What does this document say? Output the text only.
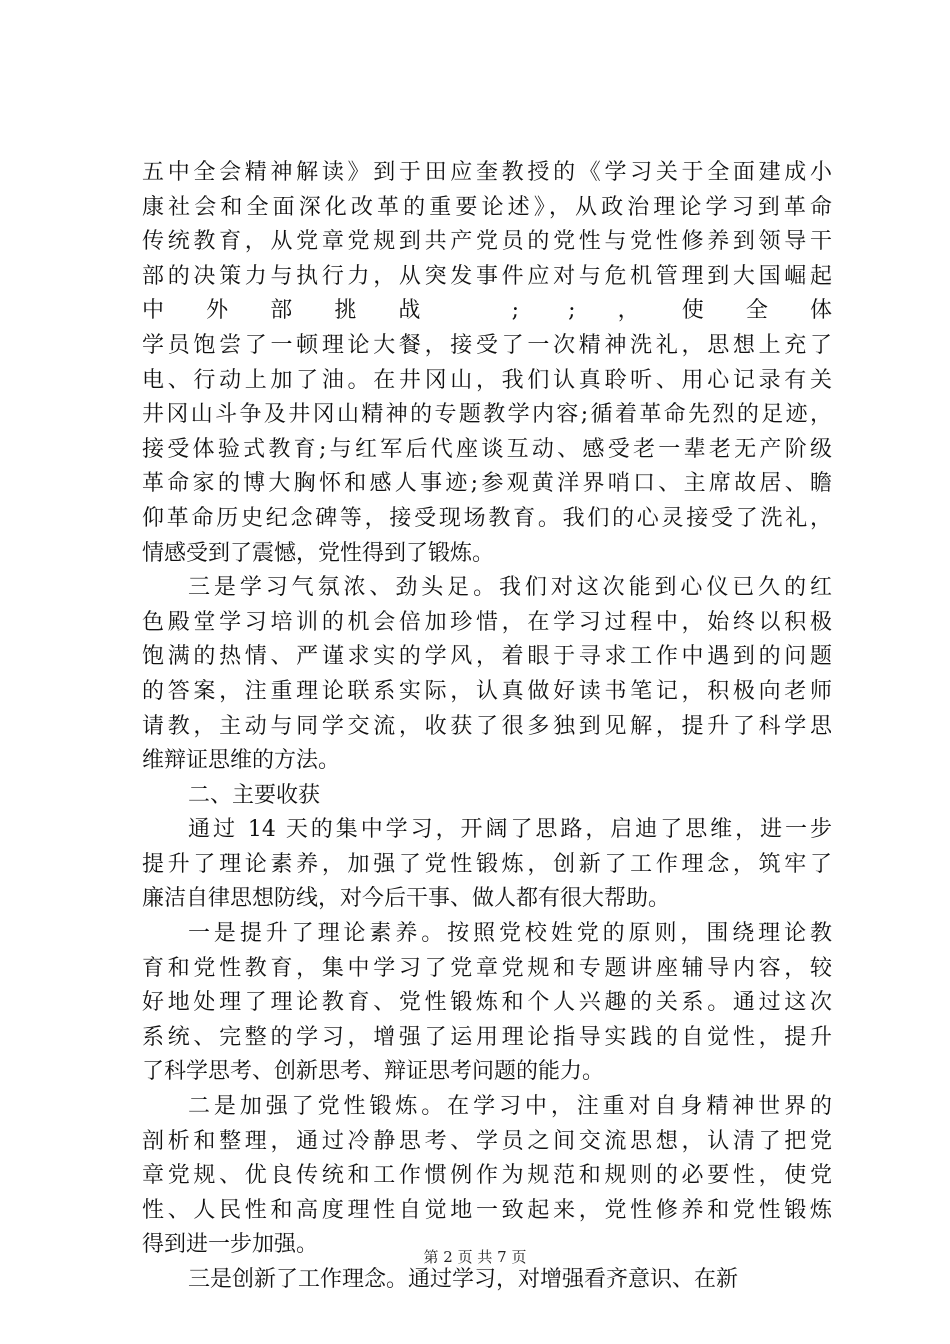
五中全会精神解读》到于田应奎教授的《学习关于全面建成小
康社会和全面深化改革的重要论述》，从政治理论学习到革命
传统教育，从党章党规到共产党员的党性与党性修养到领导干
部的决策力与执行力，从突发事件应对与危机管理到大国崛起
中外部挑战 ; ;，使全体
学员饱尝了一顿理论大餐，接受了一次精神洗礼，思想上充了
电、行动上加了油。在井冈山，我们认真聆听、用心记录有关
井冈山斗争及井冈山精神的专题教学内容;循着革命先烈的足迹，
接受体验式教育;与红军后代座谈互动、感受老一辈老无产阶级
革命家的博大胸怀和感人事迹;参观黄洋界哨口、主席故居、瞻
仰革命历史纪念碑等，接受现场教育。我们的心灵接受了洗礼，
情感受到了震憾，党性得到了锻炼。
三是学习气氛浓、劲头足。我们对这次能到心仪已久的红
色殿堂学习培训的机会倍加珍惜，在学习过程中，始终以积极
饱满的热情、严谨求实的学风，着眼于寻求工作中遇到的问题
的答案，注重理论联系实际，认真做好读书笔记，积极向老师
请教，主动与同学交流，收获了很多独到见解，提升了科学思
维辩证思维的方法。
二、主要收获
通过 14 天的集中学习，开阔了思路，启迪了思维，进一步
提升了理论素养，加强了党性锻炼，创新了工作理念，筑牢了
廉洁自律思想防线，对今后干事、做人都有很大帮助。
一是提升了理论素养。按照党校姓党的原则，围绕理论教
育和党性教育，集中学习了党章党规和专题讲座辅导内容，较
好地处理了理论教育、党性锻炼和个人兴趣的关系。通过这次
系统、完整的学习，增强了运用理论指导实践的自觉性，提升
了科学思考、创新思考、辩证思考问题的能力。
二是加强了党性锻炼。在学习中，注重对自身精神世界的
剖析和整理，通过冷静思考、学员之间交流思想，认清了把党
章党规、优良传统和工作惯例作为规范和规则的必要性，使党
性、人民性和高度理性自觉地一致起来，党性修养和党性锻炼
得到进一步加强。
三是创新了工作理念。通过学习，对增强看齐意识、在新
第 2 页 共 7 页
